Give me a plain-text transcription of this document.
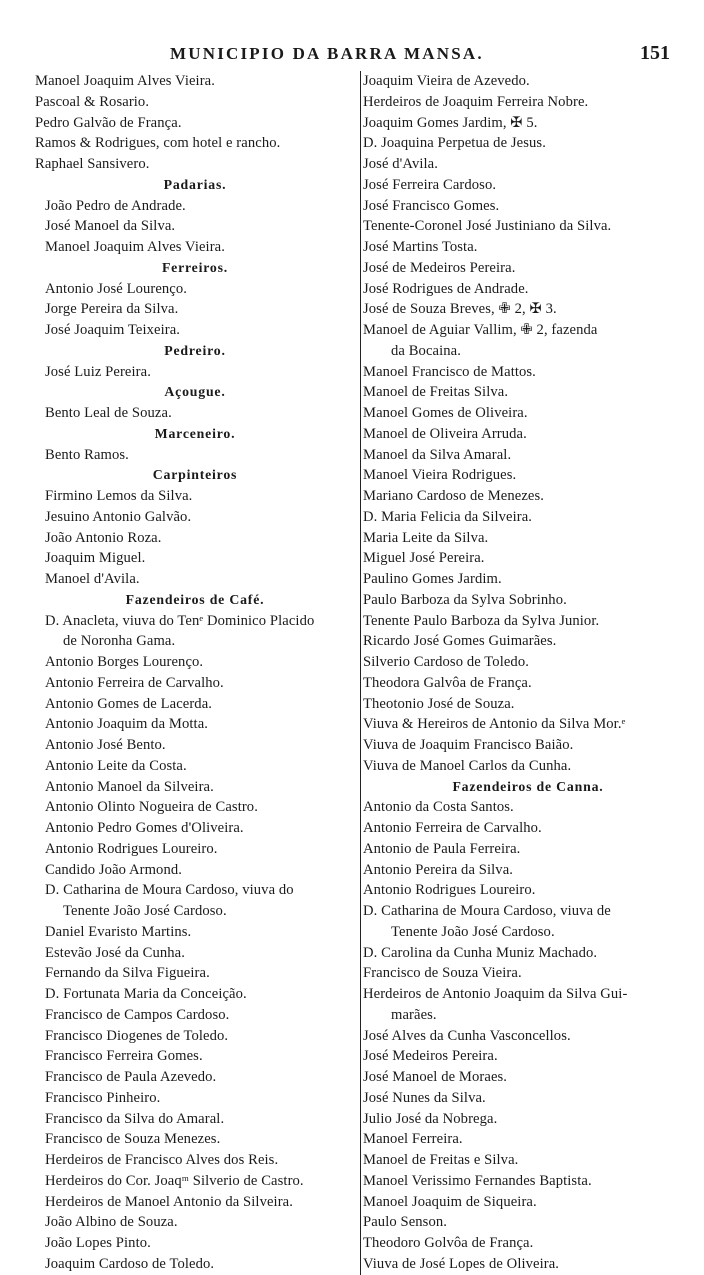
MUNICIPIO DA BARRA MANSA.	151
Manoel Joaquim Alves Vieira.
Pascoal & Rosario.
Pedro Galvão de França.
Ramos & Rodrigues, com hotel e rancho.
Raphael Sansivero.
Padarias.
João Pedro de Andrade.
José Manoel da Silva.
Manoel Joaquim Alves Vieira.
Ferreiros.
Antonio José Lourenço.
Jorge Pereira da Silva.
José Joaquim Teixeira.
Pedreiro.
José Luiz Pereira.
Açougue.
Bento Leal de Souza.
Marceneiro.
Bento Ramos.
Carpinteiros
Firmino Lemos da Silva.
Jesuino Antonio Galvão.
João Antonio Roza.
Joaquim Miguel.
Manoel d'Avila.
Fazendeiros de Café.
D. Anacleta, viuva do Tenᵉ Dominico Placido
de Noronha Gama.
Antonio Borges Lourenço.
Antonio Ferreira de Carvalho.
Antonio Gomes de Lacerda.
Antonio Joaquim da Motta.
Antonio José Bento.
Antonio Leite da Costa.
Antonio Manoel da Silveira.
Antonio Olinto Nogueira de Castro.
Antonio Pedro Gomes d'Oliveira.
Antonio Rodrigues Loureiro.
Candido João Armond.
D. Catharina de Moura Cardoso, viuva do
Tenente João José Cardoso.
Daniel Evaristo Martins.
Estevão José da Cunha.
Fernando da Silva Figueira.
D. Fortunata Maria da Conceição.
Francisco de Campos Cardoso.
Francisco Diogenes de Toledo.
Francisco Ferreira Gomes.
Francisco de Paula Azevedo.
Francisco Pinheiro.
Francisco da Silva do Amaral.
Francisco de Souza Menezes.
Herdeiros de Francisco Alves dos Reis.
Herdeiros do Cor. Joaqᵐ Silverio de Castro.
Herdeiros de Manoel Antonio da Silveira.
João Albino de Souza.
João Lopes Pinto.
Joaquim Cardoso de Toledo.
Joaquim Vieira de Azevedo.
Herdeiros de Joaquim Ferreira Nobre.
Joaquim Gomes Jardim, ✠ 5.
D. Joaquina Perpetua de Jesus.
José d'Avila.
José Ferreira Cardoso.
José Francisco Gomes.
Tenente-Coronel José Justiniano da Silva.
José Martins Tosta.
José de Medeiros Pereira.
José Rodrigues de Andrade.
José de Souza Breves, ✙ 2, ✠ 3.
Manoel de Aguiar Vallim, ✙ 2, fazenda
da Bocaina.
Manoel Francisco de Mattos.
Manoel de Freitas Silva.
Manoel Gomes de Oliveira.
Manoel de Oliveira Arruda.
Manoel da Silva Amaral.
Manoel Vieira Rodrigues.
Mariano Cardoso de Menezes.
D. Maria Felicia da Silveira.
Maria Leite da Silva.
Miguel José Pereira.
Paulino Gomes Jardim.
Paulo Barboza da Sylva Sobrinho.
Tenente Paulo Barboza da Sylva Junior.
Ricardo José Gomes Guimarães.
Silverio Cardoso de Toledo.
Theodora Galvôa de França.
Theotonio José de Souza.
Viuva & Hereiros de Antonio da Silva Mor.ᵉ
Viuva de Joaquim Francisco Baião.
Viuva de Manoel Carlos da Cunha.
Fazendeiros de Canna.
Antonio da Costa Santos.
Antonio Ferreira de Carvalho.
Antonio de Paula Ferreira.
Antonio Pereira da Silva.
Antonio Rodrigues Loureiro.
D. Catharina de Moura Cardoso, viuva de
Tenente João José Cardoso.
D. Carolina da Cunha Muniz Machado.
Francisco de Souza Vieira.
Herdeiros de Antonio Joaquim da Silva Gui-
marães.
José Alves da Cunha Vasconcellos.
José Medeiros Pereira.
José Manoel de Moraes.
José Nunes da Silva.
Julio José da Nobrega.
Manoel Ferreira.
Manoel de Freitas e Silva.
Manoel Verissimo Fernandes Baptista.
Manoel Joaquim de Siqueira.
Paulo Senson.
Theodoro Golvôa de França.
Viuva de José Lopes de Oliveira.
